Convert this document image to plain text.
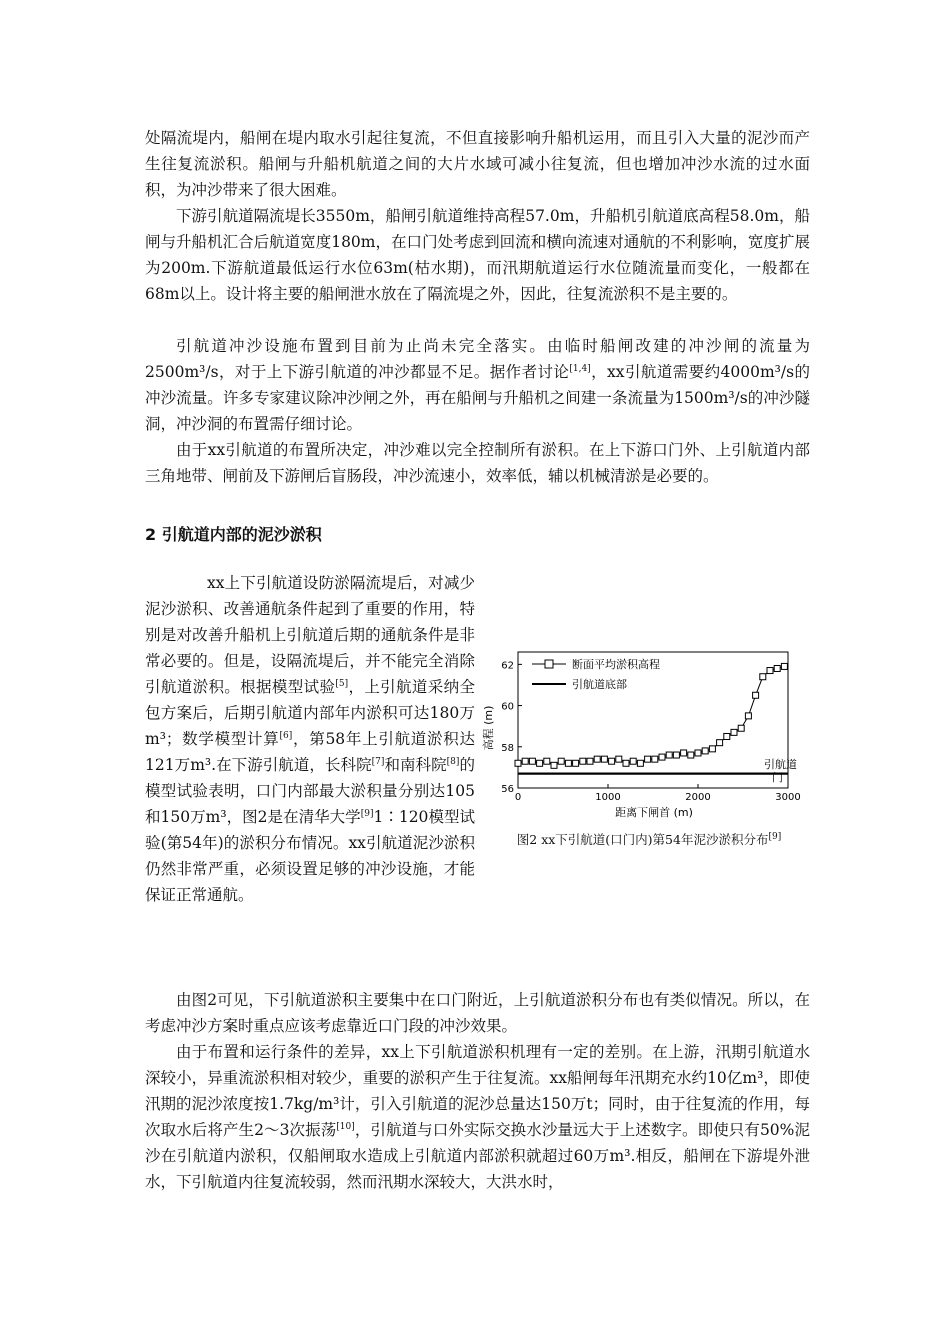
处隔流堤内，船闸在堤内取水引起往复流，不但直接影响升船机运用，而且引入大量的泥沙而产生往复流淤积。船闸与升船机航道之间的大片水域可减小往复流，但也增加冲沙水流的过水面积，为冲沙带来了很大困难。

下游引航道隔流堤长3550m，船闸引航道维持高程57.0m，升船机引航道底高程58.0m，船闸与升船机汇合后航道宽度180m，在口门处考虑到回流和横向流速对通航的不利影响，宽度扩展为200m.下游航道最低运行水位63m(枯水期)，而汛期航道运行水位随流量而变化，一般都在68m以上。设计将主要的船闸泄水放在了隔流堤之外，因此，往复流淤积不是主要的。

引航道冲沙设施布置到目前为止尚未完全落实。由临时船闸改建的冲沙闸的流量为2500m³/s，对于上下游引航道的冲沙都显不足。据作者讨论[1,4]，xx引航道需要约4000m³/s的冲沙流量。许多专家建议除冲沙闸之外，再在船闸与升船机之间建一条流量为1500m³/s的冲沙隧洞，冲沙洞的布置需仔细讨论。

由于xx引航道的布置所决定，冲沙难以完全控制所有淤积。在上下游口门外、上引航道内部三角地带、闸前及下游闸后盲肠段，冲沙流速小，效率低，辅以机械清淤是必要的。

2 引航道内部的泥沙淤积

xx上下引航道设防淤隔流堤后，对减少泥沙淤积、改善通航条件起到了重要的作用，特别是对改善升船机上引航道后期的通航条件是非常必要的。但是，设隔流堤后，并不能完全消除引航道淤积。根据模型试验[5]，上引航道采纳全包方案后，后期引航道内部年内淤积可达180万m³；数学模型计算[6]，第58年上引航道淤积达121万m³.在下游引航道，长科院[7]和南科院[8]的模型试验表明，口门内部最大淤积量分别达105和150万m³，图2是在清华大学[9]1∶120模型试验(第54年)的淤积分布情况。xx引航道泥沙淤积仍然非常严重，必须设置足够的冲沙设施，才能保证正常通航。

0	1000	2000	3000
56
58
60
62	断面平均淤积高程
引航道底部
引航道
门
距离下闸首 (m)
高程 (m)

图2 xx下引航道(口门内)第54年泥沙淤积分布[9]

由图2可见，下引航道淤积主要集中在口门附近，上引航道淤积分布也有类似情况。所以，在考虑冲沙方案时重点应该考虑靠近口门段的冲沙效果。

由于布置和运行条件的差异，xx上下引航道淤积机理有一定的差别。在上游，汛期引航道水深较小，异重流淤积相对较少，重要的淤积产生于往复流。xx船闸每年汛期充水约10亿m³，即使汛期的泥沙浓度按1.7kg/m³计，引入引航道的泥沙总量达150万t；同时，由于往复流的作用，每次取水后将产生2～3次振荡[10]，引航道与口外实际交换水沙量远大于上述数字。即使只有50%泥沙在引航道内淤积，仅船闸取水造成上引航道内部淤积就超过60万m³.相反，船闸在下游堤外泄水，下引航道内往复流较弱，然而汛期水深较大，大洪水时，
